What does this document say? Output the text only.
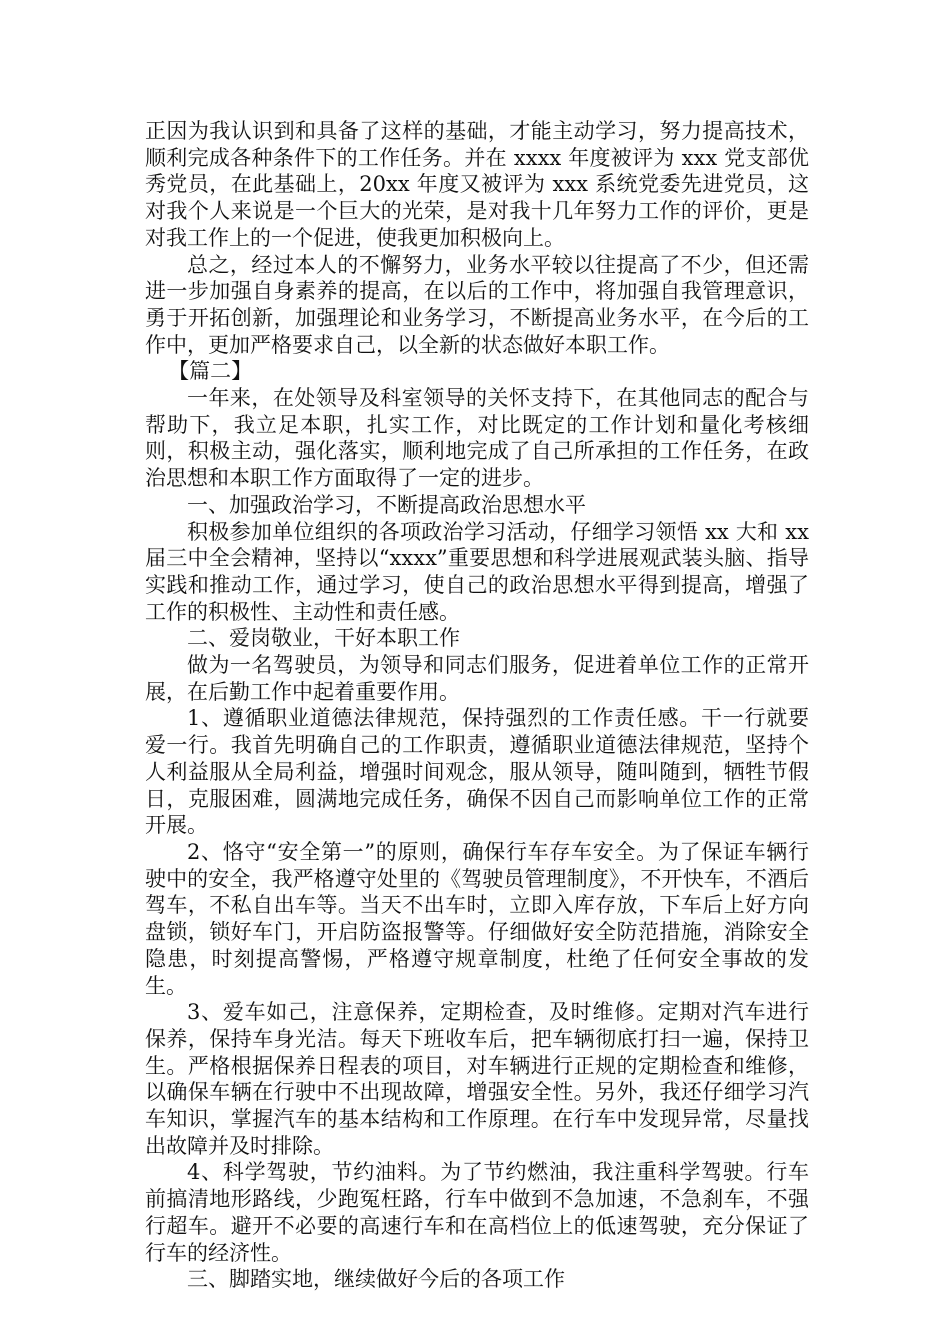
正因为我认识到和具备了这样的基础，才能主动学习，努力提高技术，顺利完成各种条件下的工作任务。并在 xxxx 年度被评为 xxx 党支部优秀党员，在此基础上，20xx 年度又被评为 xxx 系统党委先进党员，这对我个人来说是一个巨大的光荣，是对我十几年努力工作的评价，更是对我工作上的一个促进，使我更加积极向上。

总之，经过本人的不懈努力，业务水平较以往提高了不少，但还需进一步加强自身素养的提高，在以后的工作中，将加强自我管理意识，勇于开拓创新，加强理论和业务学习，不断提高业务水平，在今后的工作中，更加严格要求自己，以全新的状态做好本职工作。

【篇二】

一年来，在处领导及科室领导的关怀支持下，在其他同志的配合与帮助下，我立足本职，扎实工作，对比既定的工作计划和量化考核细则，积极主动，强化落实，顺利地完成了自己所承担的工作任务，在政治思想和本职工作方面取得了一定的进步。

一、加强政治学习，不断提高政治思想水平

积极参加单位组织的各项政治学习活动，仔细学习领悟 xx 大和 xx 届三中全会精神，坚持以“xxxx”重要思想和科学进展观武装头脑、指导实践和推动工作，通过学习，使自己的政治思想水平得到提高，增强了工作的积极性、主动性和责任感。

二、爱岗敬业，干好本职工作

做为一名驾驶员，为领导和同志们服务，促进着单位工作的正常开展，在后勤工作中起着重要作用。

1、遵循职业道德法律规范，保持强烈的工作责任感。干一行就要爱一行。我首先明确自己的工作职责，遵循职业道德法律规范，坚持个人利益服从全局利益，增强时间观念，服从领导，随叫随到，牺牲节假日，克服困难，圆满地完成任务，确保不因自己而影响单位工作的正常开展。

2、恪守“安全第一”的原则，确保行车存车安全。为了保证车辆行驶中的安全，我严格遵守处里的《驾驶员管理制度》，不开快车，不酒后驾车，不私自出车等。当天不出车时，立即入库存放，下车后上好方向盘锁，锁好车门，开启防盗报警等。仔细做好安全防范措施，消除安全隐患，时刻提高警惕，严格遵守规章制度，杜绝了任何安全事故的发生。

3、爱车如己，注意保养，定期检查，及时维修。定期对汽车进行保养，保持车身光洁。每天下班收车后，把车辆彻底打扫一遍，保持卫生。严格根据保养日程表的项目，对车辆进行正规的定期检查和维修，以确保车辆在行驶中不出现故障，增强安全性。另外，我还仔细学习汽车知识，掌握汽车的基本结构和工作原理。在行车中发现异常，尽量找出故障并及时排除。

4、科学驾驶，节约油料。为了节约燃油，我注重科学驾驶。行车前搞清地形路线，少跑冤枉路，行车中做到不急加速，不急刹车，不强行超车。避开不必要的高速行车和在高档位上的低速驾驶，充分保证了行车的经济性。

三、脚踏实地，继续做好今后的各项工作
